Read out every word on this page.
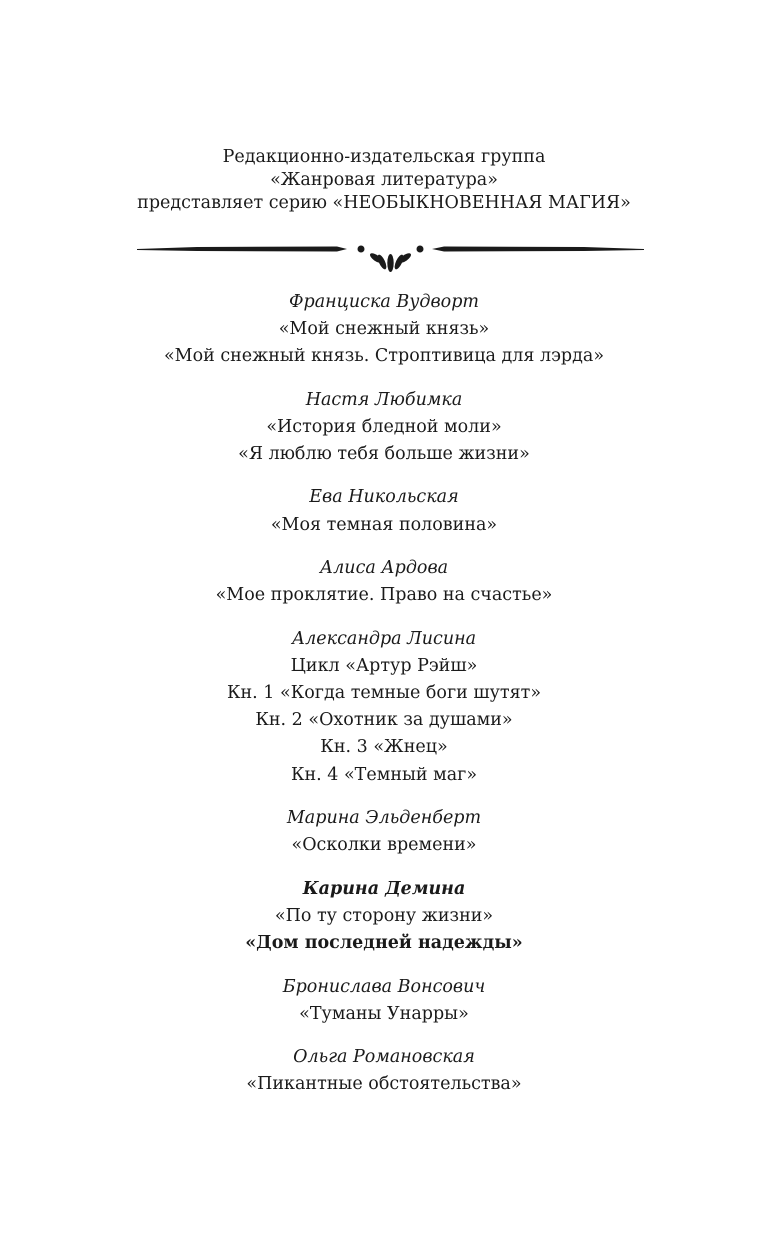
Редакционно-издательская группа
«Жанровая литература»
представляет серию «НЕОБЫКНОВЕННАЯ МАГИЯ»
Франциска Вудворт
«Мой снежный князь»
«Мой снежный князь. Строптивица для лэрда»
Настя Любимка
«История бледной моли»
«Я люблю тебя больше жизни»
Ева Никольская
«Моя темная половина»
Алиса Ардова
«Мое проклятие. Право на счастье»
Александра Лисина
Цикл «Артур Рэйш»
Кн. 1 «Когда темные боги шутят»
Кн. 2 «Охотник за душами»
Кн. 3 «Жнец»
Кн. 4 «Темный маг»
Марина Эльденберт
«Осколки времени»
Карина Демина
«По ту сторону жизни»
«Дом последней надежды»
Бронислава Вонсович
«Туманы Унарры»
Ольга Романовская
«Пикантные обстоятельства»
